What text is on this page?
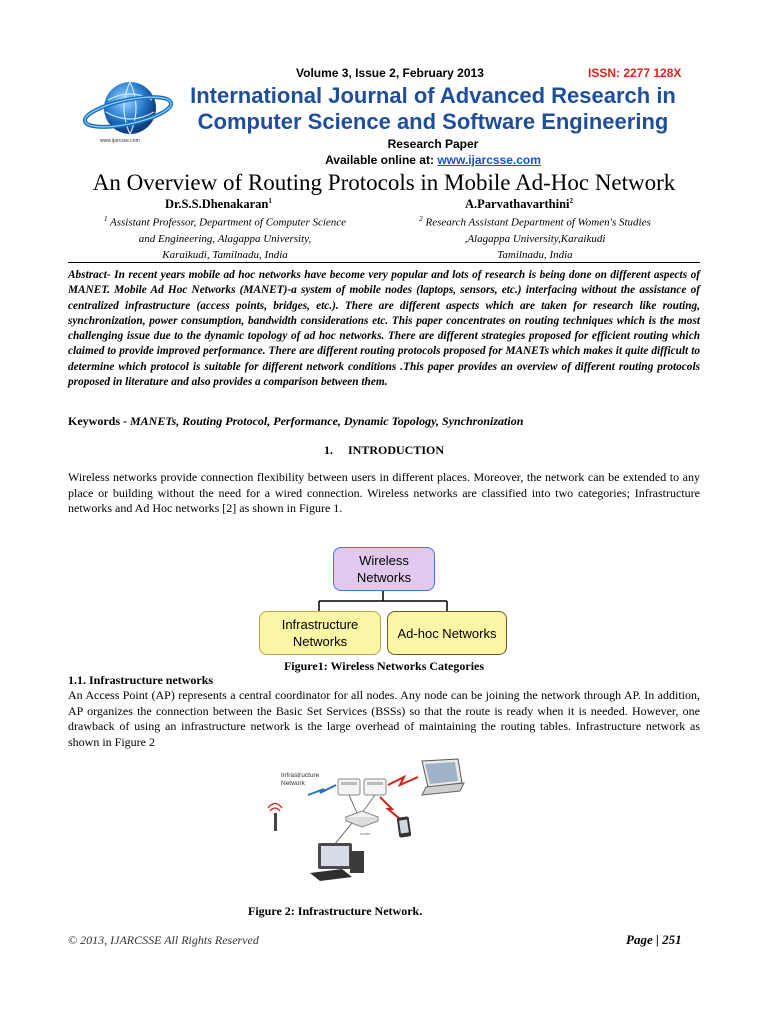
www.ijarcsse.com
Volume 3, Issue 2, February 2013	ISSN: 2277 128X
International Journal of Advanced Research in
Computer Science and Software Engineering
Research Paper
Available online at: www.ijarcsse.com
An Overview of Routing Protocols in Mobile Ad-Hoc Network
Dr.S.S.Dhenakaran$^1$
$^1$ Assistant Professor, Department of Computer Science
and Engineering, Alagappa University,
Karaikudi, Tamilnadu, India
A.Parvathavarthini$^2$
$^2$ Research Assistant Department of Women's Studies
,Alagappa University,Karaikudi
Tamilnadu, India
Abstract- In recent years mobile ad hoc networks have become very popular and lots of research is being done on different aspects of MANET. Mobile Ad Hoc Networks (MANET)-a system of mobile nodes (laptops, sensors, etc.) interfacing without the assistance of centralized infrastructure (access points, bridges, etc.). There are different aspects which are taken for research like routing, synchronization, power consumption, bandwidth considerations etc. This paper concentrates on routing techniques which is the most challenging issue due to the dynamic topology of ad hoc networks. There are different strategies proposed for efficient routing which claimed to provide improved performance. There are different routing protocols proposed for MANETs which makes it quite difficult to determine which protocol is suitable for different network conditions .This paper provides an overview of different routing protocols proposed in literature and also provides a comparison between them.
Keywords - MANETs, Routing Protocol, Performance, Dynamic Topology, Synchronization
1.     INTRODUCTION
Wireless networks provide connection flexibility between users in different places. Moreover, the network can be extended to any place or building without the need for a wired connection. Wireless networks are classified into two categories; Infrastructure networks and Ad Hoc networks [2] as shown in Figure 1.
Wireless
Networks
Infrastructure
Networks
Ad-hoc Networks
Figure1: Wireless Networks Categories
1.1. Infrastructure networks
An Access Point (AP) represents a central coordinator for all nodes. Any node can be joining the network through AP. In addition, AP organizes the connection between the Basic Set Services (BSSs) so that the route is ready when it is needed. However, one drawback of using an infrastructure network is the large overhead of maintaining the routing tables. Infrastructure network as shown in Figure 2
Infrastructure
Network
router
Figure 2: Infrastructure Network.
© 2013, IJARCSSE All Rights Reserved	Page | 251
